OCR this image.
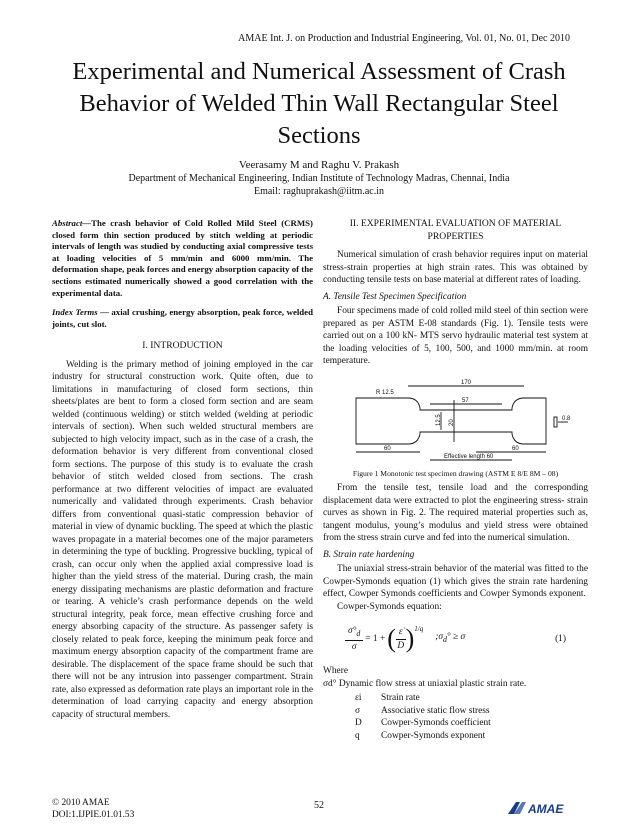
AMAE Int. J. on Production and Industrial Engineering, Vol. 01, No. 01, Dec 2010
Experimental and Numerical Assessment of Crash
Behavior of Welded Thin Wall Rectangular Steel
Sections
Veerasamy M and Raghu V. Prakash
Department of Mechanical Engineering, Indian Institute of Technology Madras, Chennai, India
Email: raghuprakash@iitm.ac.in

Abstract—The crash behavior of Cold Rolled Mild Steel (CRMS) closed form thin section produced by stitch welding at periodic intervals of length was studied by conducting axial compressive tests at loading velocities of 5 mm/min and 6000 mm/min. The deformation shape, peak forces and energy absorption capacity of the sections estimated numerically showed a good correlation with the experimental data.

Index Terms — axial crushing, energy absorption, peak force, welded joints, cut slot.

I. INTRODUCTION

Welding is the primary method of joining employed in the car industry for structural construction work. Quite often, due to limitations in manufacturing of closed form sections, thin sheets/plates are bent to form a closed form section and are seam welded (continuous welding) or stitch welded (welding at periodic intervals of section). When such welded structural members are subjected to high velocity impact, such as in the case of a crash, the deformation behavior is very different from conventional closed form sections. The purpose of this study is to evaluate the crash behavior of stitch welded closed from sections. The crash performance at two different velocities of impact are evaluated numerically and validated through experiments. Crash behavior differs from conventional quasi-static compression behavior of material in view of dynamic buckling. The speed at which the plastic waves propagate in a material becomes one of the major parameters in determining the type of buckling. Progressive buckling, typical of crash, can occur only when the applied axial compressive load is higher than the yield stress of the material. During crash, the main energy dissipating mechanisms are plastic deformation and fracture or tearing. A vehicle’s crash performance depends on the weld structural integrity, peak force, mean effective crushing force and energy absorbing capacity of the structure. As passenger safety is closely related to peak force, keeping the minimum peak force and maximum energy absorption capacity of the compartment frame are desirable. The displacement of the space frame should be such that there will not be any intrusion into passenger compartment. Strain rate, also expressed as deformation rate plays an important role in the determination of load carrying capacity and energy absorption capacity of structural members.

II. EXPERIMENTAL EVALUATION OF MATERIAL PROPERTIES

Numerical simulation of crash behavior requires input on material stress-strain properties at high strain rates. This was obtained by conducting tensile tests on base material at different rates of loading.

A. Tensile Test Specimen Specification

Four specimens made of cold rolled mild steel of thin section were prepared as per ASTM E-08 standards (Fig. 1). Tensile tests were carried out on a 100 kN- MTS servo hydraulic material test system at the loading velocities of 5, 100, 500, and 1000 mm/min. at room temperature.

170
R 12.5
57
12.5 20
0.8
60	60
Effective length 60

Figure 1 Monotonic test specimen drawing (ASTM E 8/E 8M – 08)

From the tensile test, tensile load and the corresponding displacement data were extracted to plot the engineering stress- strain curves as shown in Fig. 2. The required material properties such as, tangent modulus, young’s modulus and yield stress were obtained from the stress strain curve and fed into the numerical simulation.

B. Strain rate hardening

The uniaxial stress-strain behavior of the material was fitted to the Cowper-Symonds equation (1) which gives the strain rate hardening effect, Cowper Symonds coefficients and Cowper Symonds exponent.

Cowper-Symonds equation:

$\frac{\sigma^\circ_d}{\sigma} = 1$ + ( $\frac{\varepsiloṅ}{D} )^{1/q}$
$;\sigma_d^\circ \ge \sigma$	(1)

Where

σd° Dynamic flow stress at uniaxial plastic strain rate.

εi	Strain rate
σ	Associative static flow stress
D	Cowper-Symonds coefficient
q	Cowper-Symonds exponent
© 2010 AMAE
DOI:1.IJPIE.01.01.53
52	AMAE
